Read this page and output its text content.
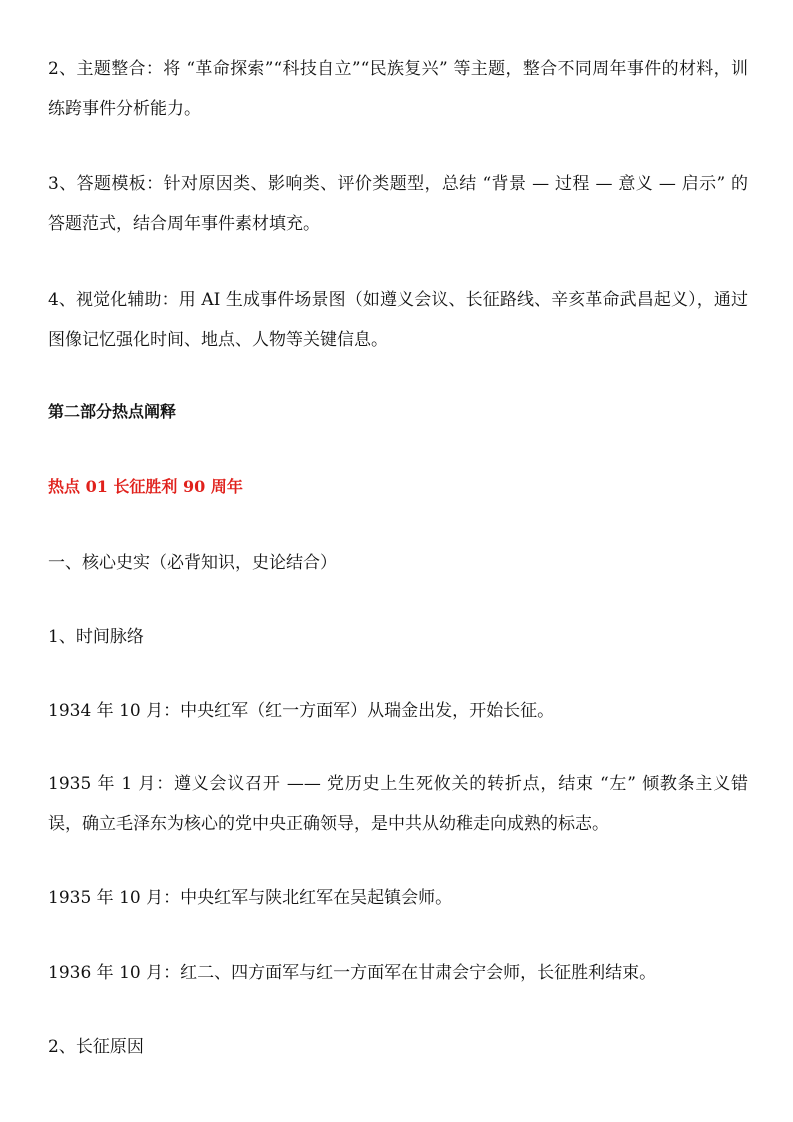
2、主题整合：将 “革命探索”“科技自立”“民族复兴” 等主题，整合不同周年事件的材料，训练跨事件分析能力。

3、答题模板：针对原因类、影响类、评价类题型，总结 “背景 — 过程 — 意义 — 启示” 的答题范式，结合周年事件素材填充。

4、视觉化辅助：用 AI 生成事件场景图（如遵义会议、长征路线、辛亥革命武昌起义），通过图像记忆强化时间、地点、人物等关键信息。

第二部分热点阐释

热点 01 长征胜利 90 周年

一、核心史实（必背知识，史论结合）

1、时间脉络

1934 年 10 月：中央红军（红一方面军）从瑞金出发，开始长征。

1935 年 1 月：遵义会议召开 —— 党历史上生死攸关的转折点，结束 “左” 倾教条主义错误，确立毛泽东为核心的党中央正确领导，是中共从幼稚走向成熟的标志。

1935 年 10 月：中央红军与陕北红军在吴起镇会师。

1936 年 10 月：红二、四方面军与红一方面军在甘肃会宁会师，长征胜利结束。

2、长征原因
